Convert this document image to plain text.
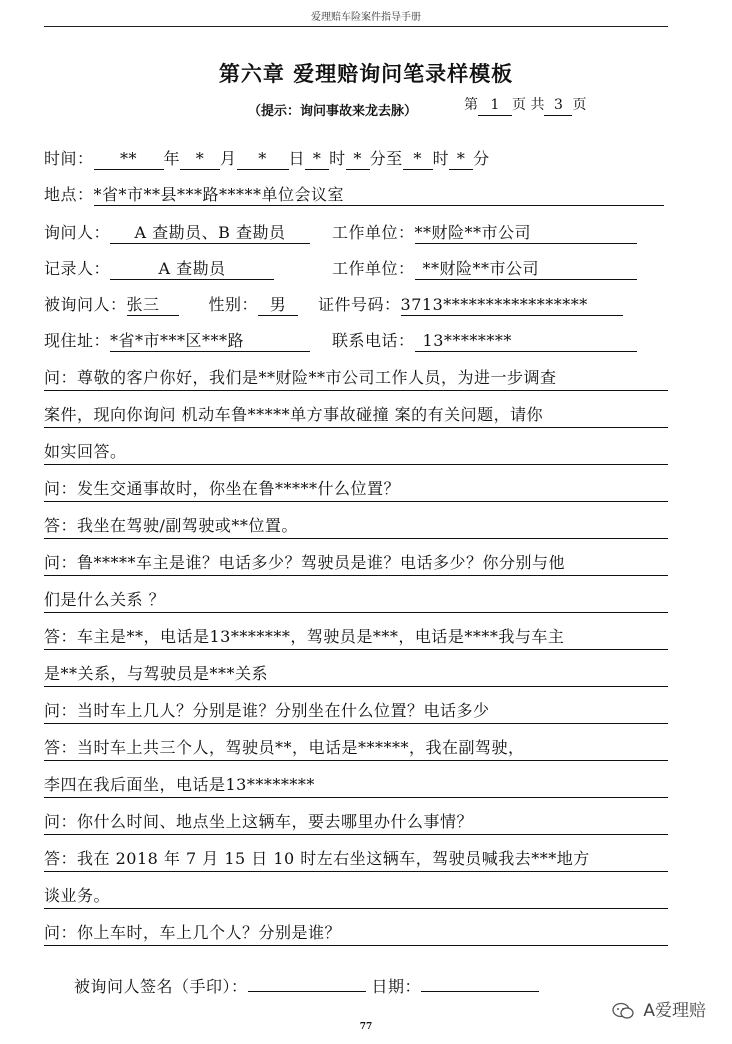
爱理赔车险案件指导手册
第六章 爱理赔询问笔录样模板
（提示：询问事故来龙去脉）	第 1 页 共 3 页
时间： ** 年 * 月 * 日 * 时 * 分至 * 时 * 分
地点：*省*市**县***路*****单位会议室
询问人： A 查勘员、B 查勘员	工作单位：**财险**市公司
记录人：	A 查勘员	工作单位： **财险**市公司
被询问人：张三	性别： 男 证件号码：3713*****************
现住址：*省*市***区***路	联系电话： 13********
问：尊敬的客户你好，我们是**财险**市公司工作人员，为进一步调查
案件，现向你询问 机动车鲁*****单方事故碰撞 案的有关问题，请你
如实回答。
问：发生交通事故时，你坐在鲁*****什么位置？
答：我坐在驾驶/副驾驶或**位置。
问：鲁*****车主是谁？电话多少？驾驶员是谁？电话多少？你分别与他
们是什么关系 ？
答：车主是**，电话是13*******，驾驶员是***，电话是****我与车主
是**关系，与驾驶员是***关系
问：当时车上几人？分别是谁？分别坐在什么位置？电话多少
答：当时车上共三个人，驾驶员**，电话是******，我在副驾驶，
李四在我后面坐，电话是13********
问：你什么时间、地点坐上这辆车，要去哪里办什么事情？
答：我在 2018 年 7 月 15 日 10 时左右坐这辆车，驾驶员喊我去***地方
谈业务。
问：你上车时，车上几个人？分别是谁？
被询问人签名（手印）：	日期：
A爱理赔
77
